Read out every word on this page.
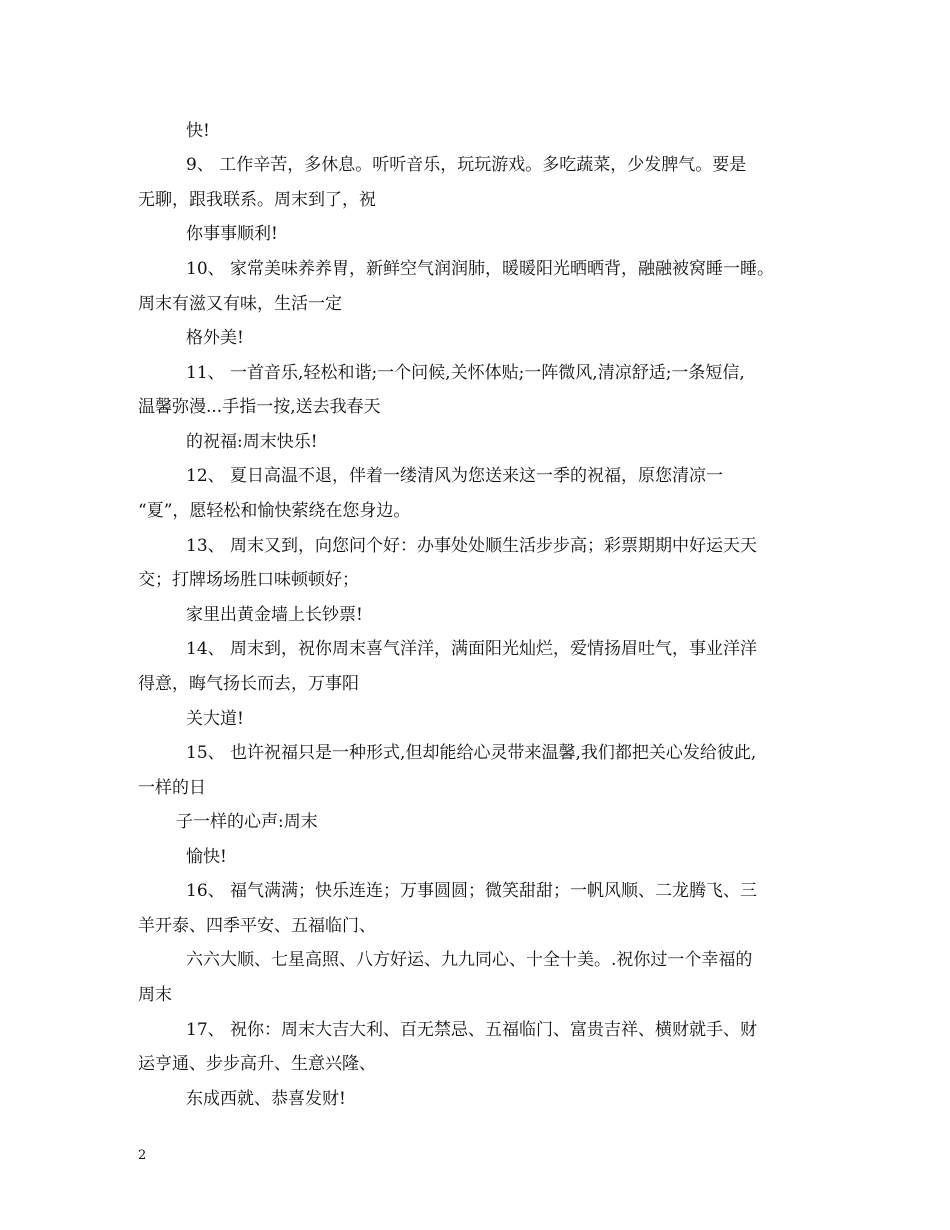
快!
9、 工作辛苦，多休息。听听音乐，玩玩游戏。多吃蔬菜，少发脾气。要是
无聊，跟我联系。周末到了，祝
你事事顺利!
10、 家常美味养养胃，新鲜空气润润肺，暖暖阳光晒晒背，融融被窝睡一睡。
周末有滋又有味，生活一定
格外美!
11、 一首音乐,轻松和谐;一个问候,关怀体贴;一阵微风,清凉舒适;一条短信,
温馨弥漫...手指一按,送去我春天
的祝福:周末快乐!
12、 夏日高温不退，伴着一缕清风为您送来这一季的祝福，原您清凉一
“夏”，愿轻松和愉快萦绕在您身边。
13、 周末又到，向您问个好：办事处处顺生活步步高；彩票期期中好运天天
交；打牌场场胜口味顿顿好；
家里出黄金墙上长钞票!
14、 周末到，祝你周末喜气洋洋，满面阳光灿烂，爱情扬眉吐气，事业洋洋
得意，晦气扬长而去，万事阳
关大道!
15、 也许祝福只是一种形式,但却能给心灵带来温馨,我们都把关心发给彼此,
一样的日
子一样的心声:周末
愉快!
16、 福气满满；快乐连连；万事圆圆；微笑甜甜；一帆风顺、二龙腾飞、三
羊开泰、四季平安、五福临门、
六六大顺、七星高照、八方好运、九九同心、十全十美。.祝你过一个幸福的
周末
17、 祝你：周末大吉大利、百无禁忌、五福临门、富贵吉祥、横财就手、财
运亨通、步步高升、生意兴隆、
东成西就、恭喜发财!
2
